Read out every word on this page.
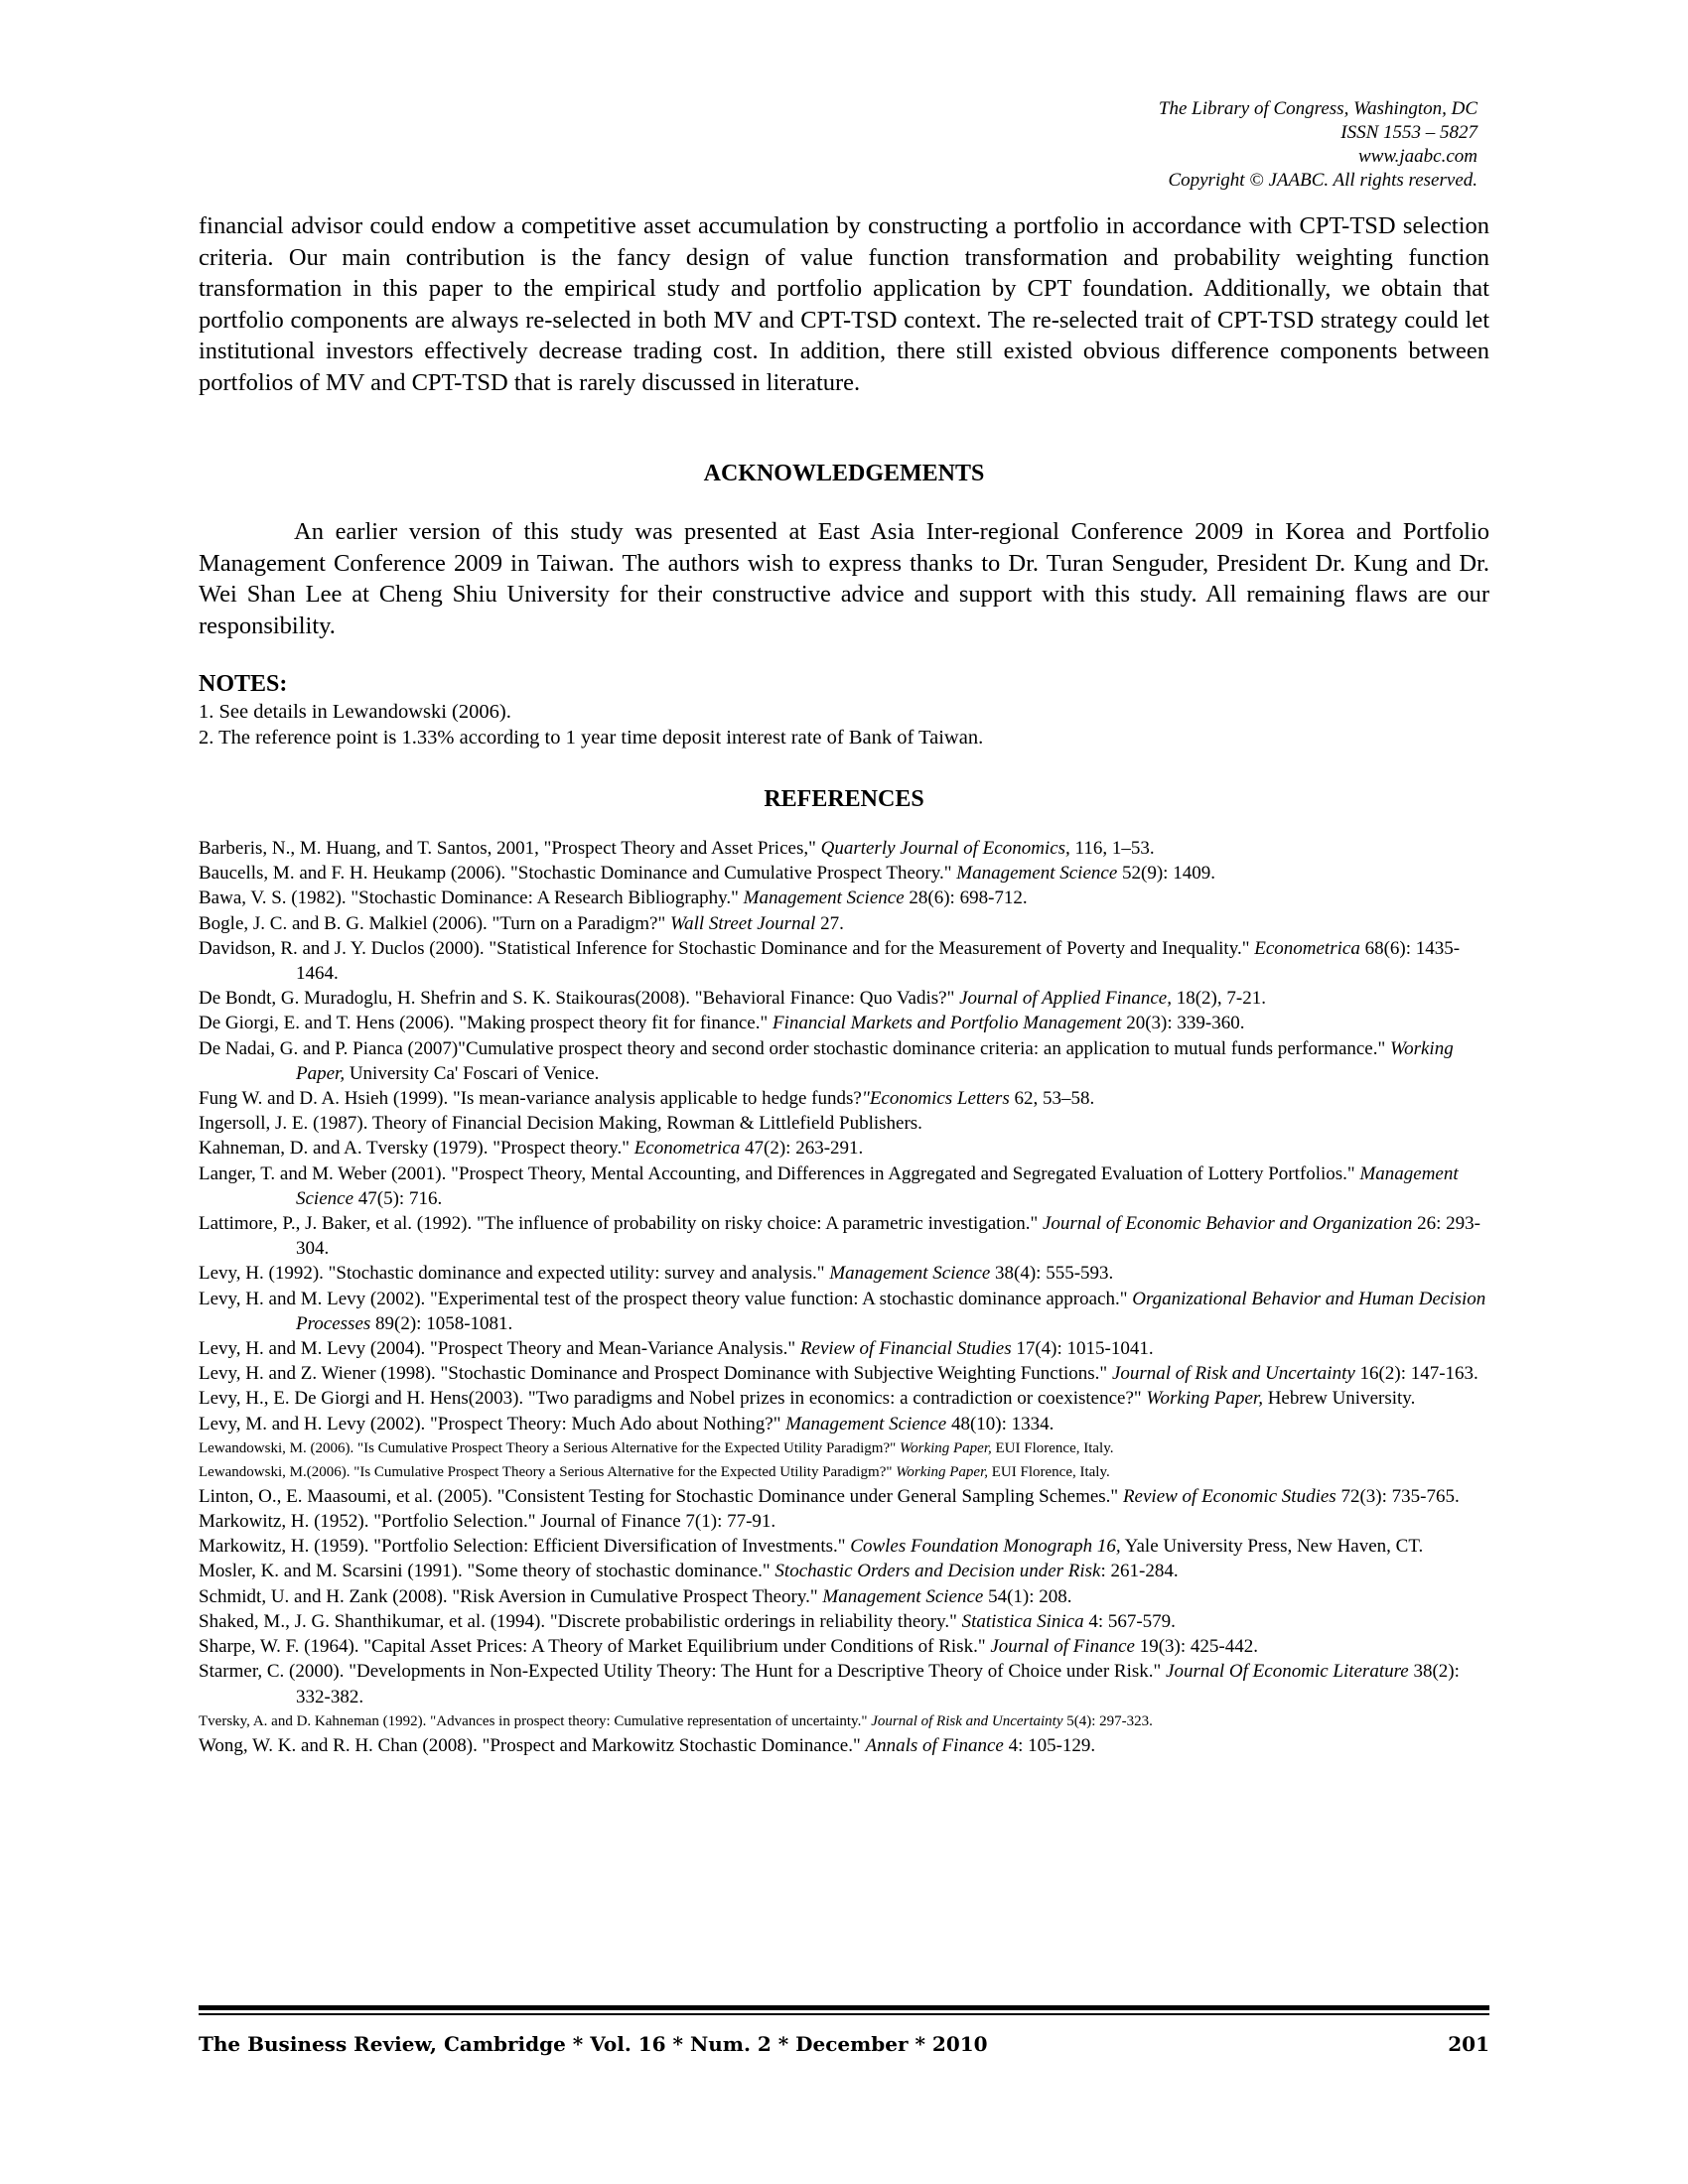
The Library of Congress, Washington, DC
ISSN 1553 – 5827
www.jaabc.com
Copyright © JAABC. All rights reserved.
financial advisor could endow a competitive asset accumulation by constructing a portfolio in accordance with CPT-TSD selection criteria. Our main contribution is the fancy design of value function transformation and probability weighting function transformation in this paper to the empirical study and portfolio application by CPT foundation. Additionally, we obtain that portfolio components are always re-selected in both MV and CPT-TSD context. The re-selected trait of CPT-TSD strategy could let institutional investors effectively decrease trading cost. In addition, there still existed obvious difference components between portfolios of MV and CPT-TSD that is rarely discussed in literature.
ACKNOWLEDGEMENTS
An earlier version of this study was presented at East Asia Inter-regional Conference 2009 in Korea and Portfolio Management Conference 2009 in Taiwan. The authors wish to express thanks to Dr. Turan Senguder, President Dr. Kung and Dr. Wei Shan Lee at Cheng Shiu University for their constructive advice and support with this study. All remaining flaws are our responsibility.
NOTES:
1. See details in Lewandowski (2006).
2. The reference point is 1.33% according to 1 year time deposit interest rate of Bank of Taiwan.
REFERENCES

Barberis, N., M. Huang, and T. Santos, 2001, "Prospect Theory and Asset Prices," Quarterly Journal of Economics, 116, 1–53.

Baucells, M. and F. H. Heukamp (2006). "Stochastic Dominance and Cumulative Prospect Theory." Management Science 52(9): 1409.

Bawa, V. S. (1982). "Stochastic Dominance: A Research Bibliography." Management Science 28(6): 698-712.

Bogle, J. C. and B. G. Malkiel (2006). "Turn on a Paradigm?" Wall Street Journal 27.

Davidson, R. and J. Y. Duclos (2000). "Statistical Inference for Stochastic Dominance and for the Measurement of Poverty and Inequality." Econometrica 68(6): 1435-1464.

De Bondt, G. Muradoglu, H. Shefrin and S. K. Staikouras(2008). "Behavioral Finance: Quo Vadis?" Journal of Applied Finance, 18(2), 7-21.

De Giorgi, E. and T. Hens (2006). "Making prospect theory fit for finance." Financial Markets and Portfolio Management 20(3): 339-360.

De Nadai, G. and P. Pianca (2007)"Cumulative prospect theory and second order stochastic dominance criteria: an application to mutual funds performance." Working Paper, University Ca' Foscari of Venice.

Fung W. and D. A. Hsieh (1999). "Is mean-variance analysis applicable to hedge funds?"Economics Letters 62, 53–58.

Ingersoll, J. E. (1987). Theory of Financial Decision Making, Rowman & Littlefield Publishers.

Kahneman, D. and A. Tversky (1979). "Prospect theory." Econometrica 47(2): 263-291.

Langer, T. and M. Weber (2001). "Prospect Theory, Mental Accounting, and Differences in Aggregated and Segregated Evaluation of Lottery Portfolios." Management Science 47(5): 716.

Lattimore, P., J. Baker, et al. (1992). "The influence of probability on risky choice: A parametric investigation." Journal of Economic Behavior and Organization 26: 293-304.

Levy, H. (1992). "Stochastic dominance and expected utility: survey and analysis." Management Science 38(4): 555-593.

Levy, H. and M. Levy (2002). "Experimental test of the prospect theory value function: A stochastic dominance approach." Organizational Behavior and Human Decision Processes 89(2): 1058-1081.

Levy, H. and M. Levy (2004). "Prospect Theory and Mean-Variance Analysis." Review of Financial Studies 17(4): 1015-1041.

Levy, H. and Z. Wiener (1998). "Stochastic Dominance and Prospect Dominance with Subjective Weighting Functions." Journal of Risk and Uncertainty 16(2): 147-163.

Levy, H., E. De Giorgi and H. Hens(2003). "Two paradigms and Nobel prizes in economics: a contradiction or coexistence?" Working Paper, Hebrew University.

Levy, M. and H. Levy (2002). "Prospect Theory: Much Ado about Nothing?" Management Science 48(10): 1334.

Lewandowski, M. (2006). "Is Cumulative Prospect Theory a Serious Alternative for the Expected Utility Paradigm?" Working Paper, EUI Florence, Italy.

Lewandowski, M.(2006). "Is Cumulative Prospect Theory a Serious Alternative for the Expected Utility Paradigm?" Working Paper, EUI Florence, Italy.

Linton, O., E. Maasoumi, et al. (2005). "Consistent Testing for Stochastic Dominance under General Sampling Schemes." Review of Economic Studies 72(3): 735-765.

Markowitz, H. (1952). "Portfolio Selection." Journal of Finance 7(1): 77-91.

Markowitz, H. (1959). "Portfolio Selection: Efficient Diversification of Investments." Cowles Foundation Monograph 16, Yale University Press, New Haven, CT.

Mosler, K. and M. Scarsini (1991). "Some theory of stochastic dominance." Stochastic Orders and Decision under Risk: 261-284.

Schmidt, U. and H. Zank (2008). "Risk Aversion in Cumulative Prospect Theory." Management Science 54(1): 208.

Shaked, M., J. G. Shanthikumar, et al. (1994). "Discrete probabilistic orderings in reliability theory." Statistica Sinica 4: 567-579.

Sharpe, W. F. (1964). "Capital Asset Prices: A Theory of Market Equilibrium under Conditions of Risk." Journal of Finance 19(3): 425-442.

Starmer, C. (2000). "Developments in Non-Expected Utility Theory: The Hunt for a Descriptive Theory of Choice under Risk." Journal Of Economic Literature 38(2): 332-382.

Tversky, A. and D. Kahneman (1992). "Advances in prospect theory: Cumulative representation of uncertainty." Journal of Risk and Uncertainty 5(4): 297-323.

Wong, W. K. and R. H. Chan (2008). "Prospect and Markowitz Stochastic Dominance." Annals of Finance 4: 105-129.

The Business Review, Cambridge * Vol. 16 * Num. 2 * December * 2010	201
